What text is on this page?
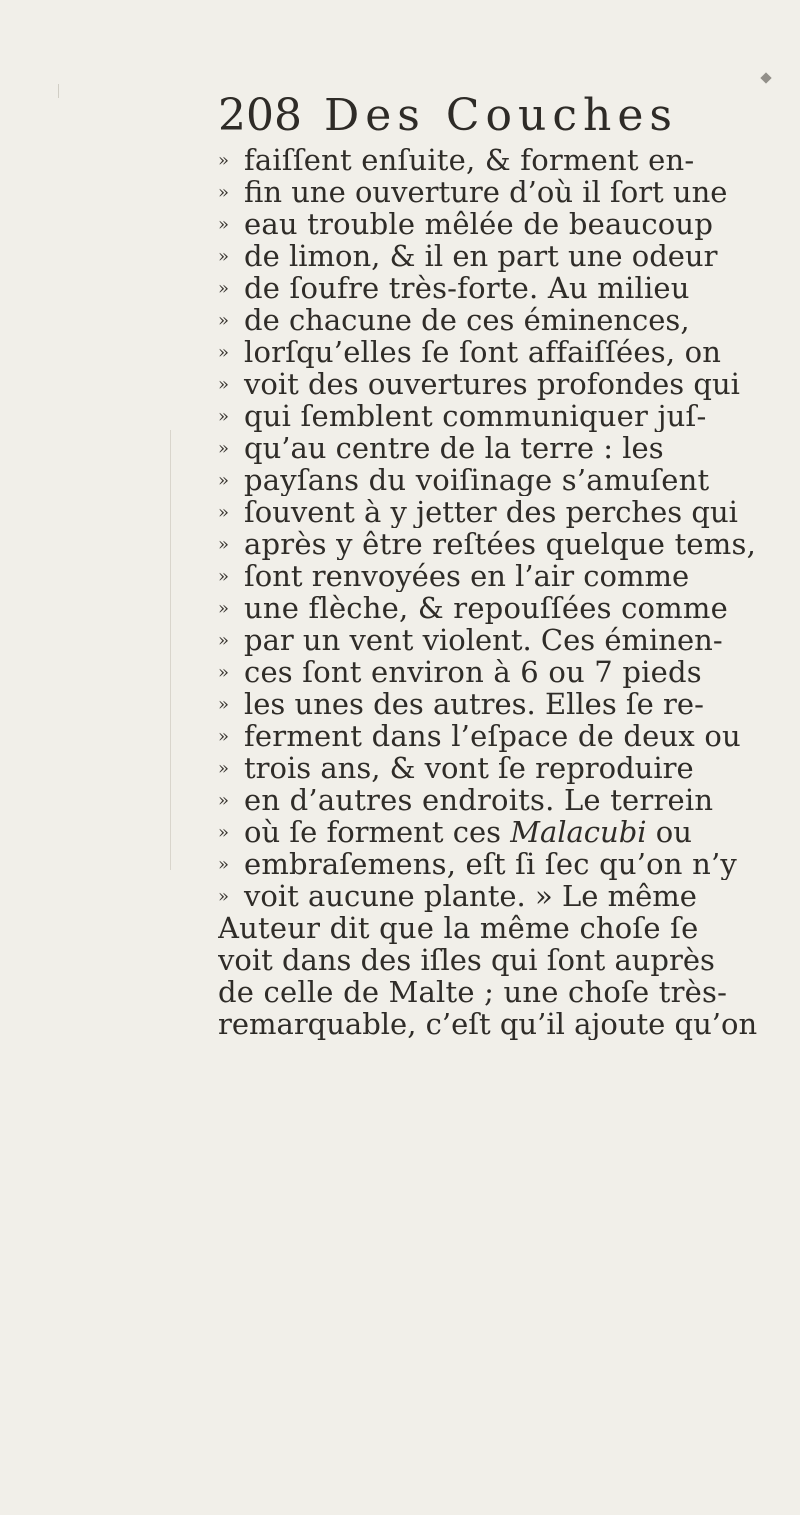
208 Des Couches
» faiſſent enſuite, & forment en-
» fin une ouverture d’où il ſort une
» eau trouble mêlée de beaucoup
» de limon, & il en part une odeur
» de ſoufre très-forte. Au milieu
» de chacune de ces éminences,
» lorſqu’elles ſe ſont affaiſſées, on
» voit des ouvertures profondes qui
» qui ſemblent communiquer juſ-
» qu’au centre de la terre : les
» payſans du voiſinage s’amuſent
» ſouvent à y jetter des perches qui
» après y être reſtées quelque tems,
» ſont renvoyées en l’air comme
» une flèche, & repouſſées comme
» par un vent violent. Ces éminen-
» ces ſont environ à 6 ou 7 pieds
» les unes des autres. Elles ſe re-
» ferment dans l’eſpace de deux ou
» trois ans, & vont ſe reproduire
» en d’autres endroits. Le terrein
» où ſe forment ces Malacubi ou
» embraſemens, eſt ſi ſec qu’on n’y
» voit aucune plante. » Le même
Auteur dit que la même choſe ſe
voit dans des iſles qui ſont auprès
de celle de Malte ; une choſe très-
remarquable, c’eſt qu’il ajoute qu’on
